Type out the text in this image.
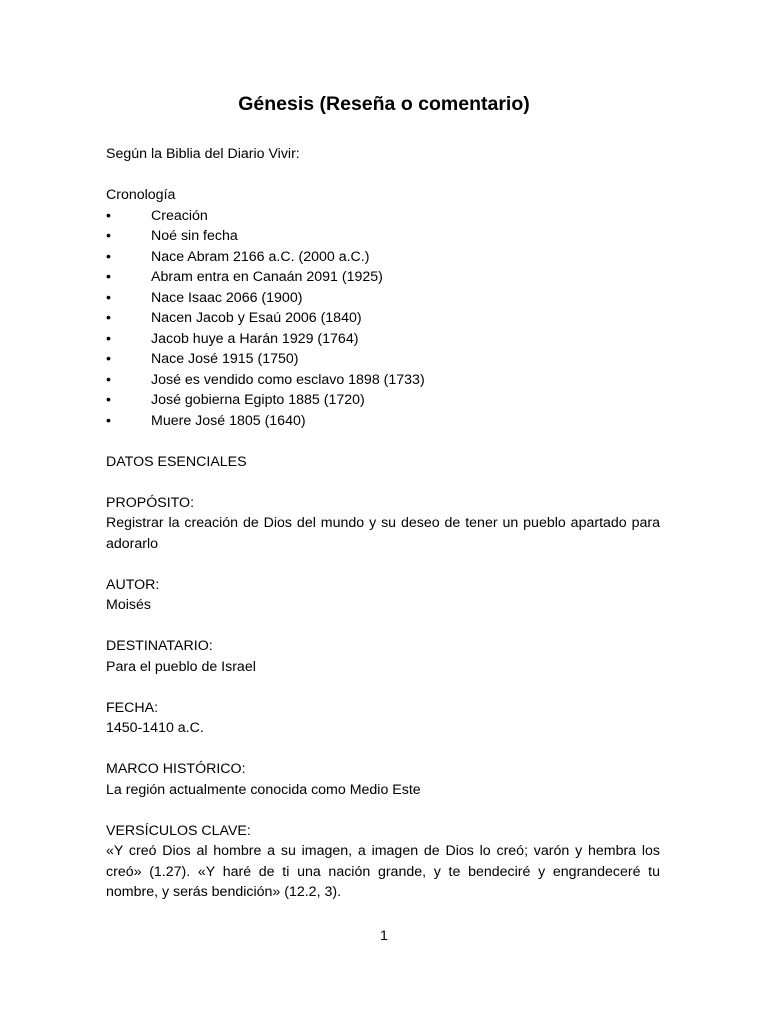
Génesis (Reseña o comentario)

Según la Biblia del Diario Vivir:

Cronología

•	Creación
•	Noé sin fecha
•	Nace Abram 2166 a.C. (2000 a.C.)
•	Abram entra en Canaán 2091 (1925)
•	Nace Isaac 2066 (1900)
•	Nacen Jacob y Esaú 2006 (1840)
•	Jacob huye a Harán 1929 (1764)
•	Nace José 1915 (1750)
•	José es vendido como esclavo 1898 (1733)
•	José gobierna Egipto 1885 (1720)
•	Muere José 1805 (1640)

DATOS ESENCIALES

PROPÓSITO:

Registrar la creación de Dios del mundo y su deseo de tener un pueblo apartado para adorarlo

AUTOR:

Moisés

DESTINATARIO:

Para el pueblo de Israel

FECHA:

1450-1410 a.C.

MARCO HISTÓRICO:

La región actualmente conocida como Medio Este

VERSÍCULOS CLAVE:

«Y creó Dios al hombre a su imagen, a imagen de Dios lo creó; varón y hembra los creó» (1.27). «Y haré de ti una nación grande, y te bendeciré y engrandeceré tu nombre, y serás bendición» (12.2, 3).

1
